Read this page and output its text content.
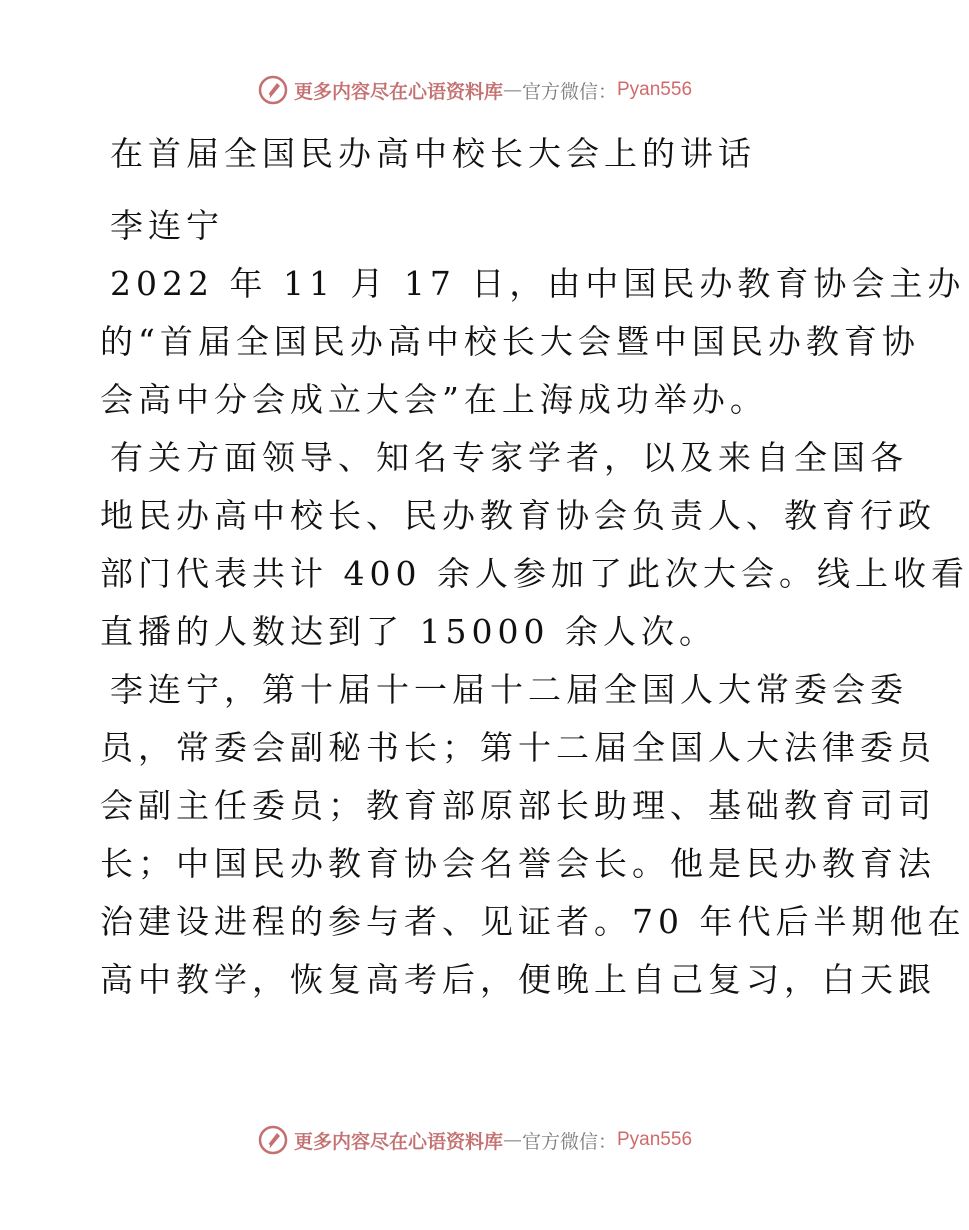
更多内容尽在心语资料库 — 官方微信： Pyan556
在首届全国民办高中校长大会上的讲话
李连宁
2022 年 11 月 17 日，由中国民办教育协会主办
的“首届全国民办高中校长大会暨中国民办教育协
会高中分会成立大会”在上海成功举办。
有关方面领导、知名专家学者，以及来自全国各
地民办高中校长、民办教育协会负责人、教育行政
部门代表共计 400 余人参加了此次大会。线上收看
直播的人数达到了 15000 余人次。
李连宁，第十届十一届十二届全国人大常委会委
员，常委会副秘书长；第十二届全国人大法律委员
会副主任委员；教育部原部长助理、基础教育司司
长；中国民办教育协会名誉会长。他是民办教育法
治建设进程的参与者、见证者。70 年代后半期他在
高中教学，恢复高考后，便晚上自己复习，白天跟
更多内容尽在心语资料库 — 官方微信： Pyan556
